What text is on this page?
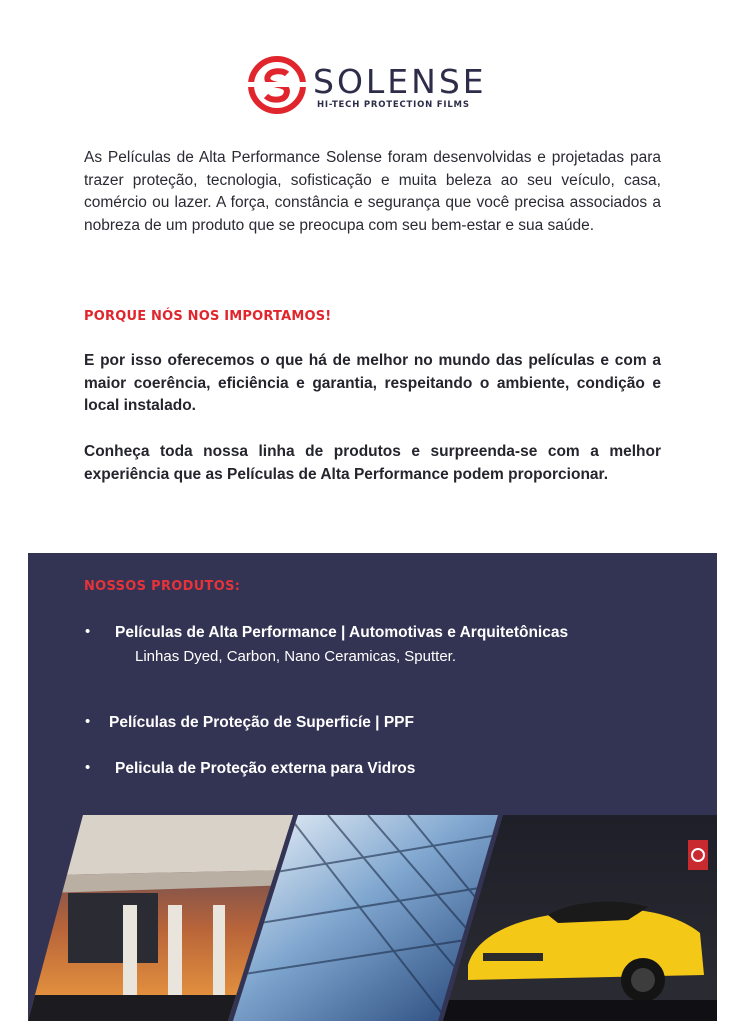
SOLENSE
HI-TECH PROTECTION FILMS

As Películas de Alta Performance Solense foram desenvolvidas e projetadas para trazer proteção, tecnologia, sofisticação e muita beleza ao seu veículo, casa, comércio ou lazer. A força, constância e segurança que você precisa associados a nobreza de um produto que se preocupa com seu bem-estar e sua saúde.

PORQUE NÓS NOS IMPORTAMOS!

E por isso oferecemos o que há de melhor no mundo das películas e com a maior coerência, eficiência e garantia, respeitando o ambiente, condição e local instalado.

Conheça toda nossa linha de produtos e surpreenda-se com a melhor experiência que as Películas de Alta Performance podem proporcionar.

NOSSOS PRODUTOS:
• Películas de Alta Performance | Automotivas e Arquitetônicas
Linhas Dyed, Carbon, Nano Ceramicas, Sputter.
• Películas de Proteção de Superficíe | PPF
• Pelicula de Proteção externa para Vidros
